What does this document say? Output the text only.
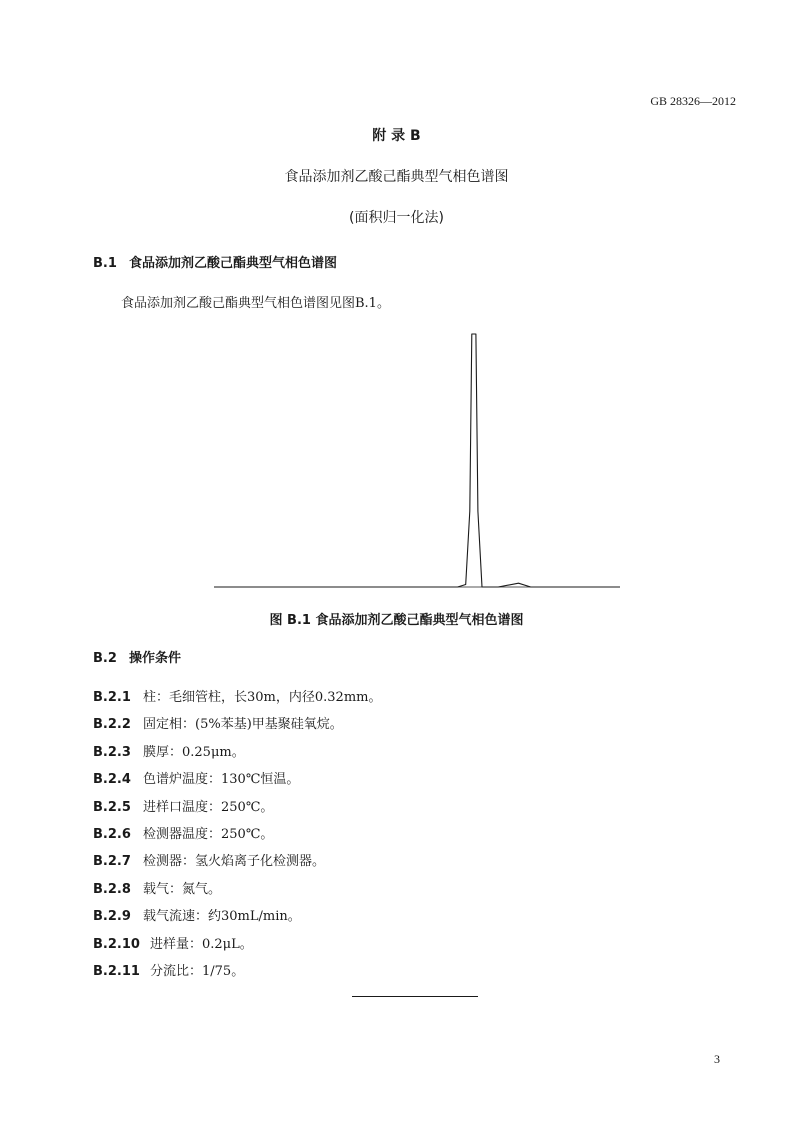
GB 28326—2012
附 录 B
食品添加剂乙酸己酯典型气相色谱图
(面积归一化法)
B.1 食品添加剂乙酸己酯典型气相色谱图
食品添加剂乙酸己酯典型气相色谱图见图B.1。
图 B.1 食品添加剂乙酸己酯典型气相色谱图
B.2 操作条件
B.2.1 柱：毛细管柱，长30m，内径0.32mm。
B.2.2 固定相：(5%苯基)甲基聚硅氧烷。
B.2.3 膜厚：0.25μm。
B.2.4 色谱炉温度：130℃恒温。
B.2.5 进样口温度：250℃。
B.2.6 检测器温度：250℃。
B.2.7 检测器：氢火焰离子化检测器。
B.2.8 载气：氮气。
B.2.9 载气流速：约30mL/min。
B.2.10 进样量：0.2μL。
B.2.11 分流比：1/75。
3
